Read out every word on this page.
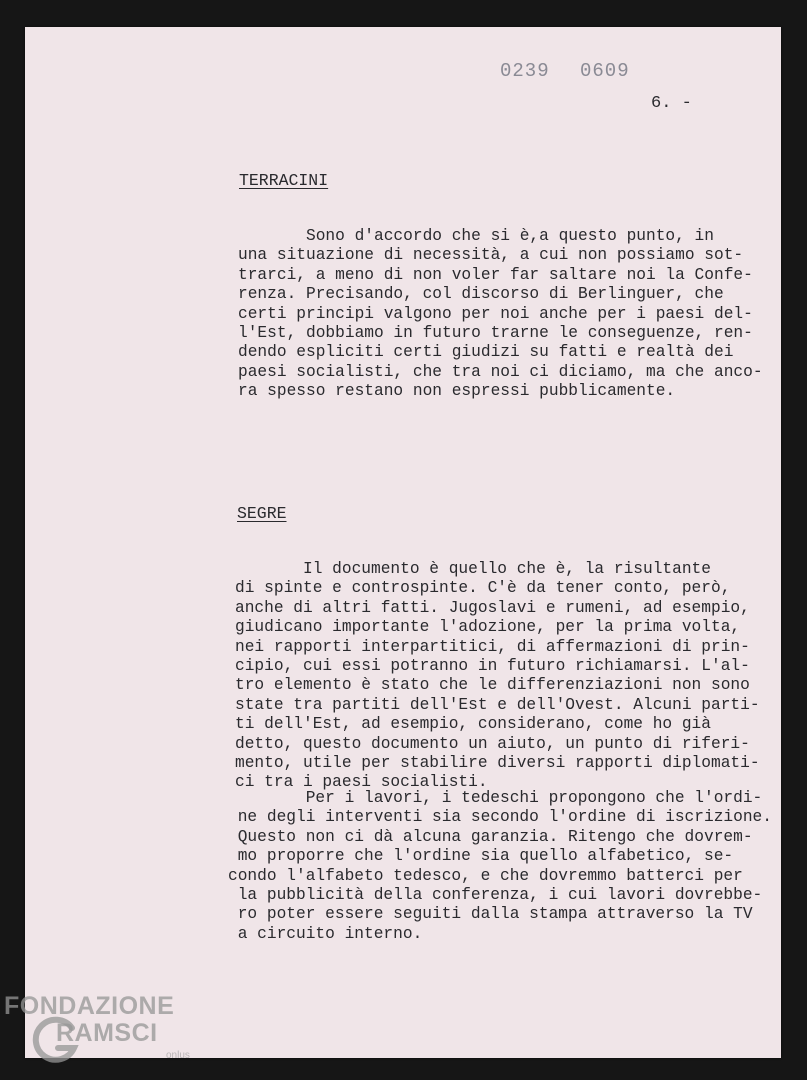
0239 0609
6. -
TERRACINI
Sono d'accordo che si è,a questo punto, in
una situazione di necessità, a cui non possiamo sot-
trarci, a meno di non voler far saltare noi la Confe-
renza. Precisando, col discorso di Berlinguer, che
certi principi valgono per noi anche per i paesi del-
l'Est, dobbiamo in futuro trarne le conseguenze, ren-
dendo espliciti certi giudizi su fatti e realtà dei
paesi socialisti, che tra noi ci diciamo, ma che anco-
ra spesso restano non espressi pubblicamente.
SEGRE
Il documento è quello che è, la risultante
di spinte e controspinte. C'è da tener conto, però,
anche di altri fatti. Jugoslavi e rumeni, ad esempio,
giudicano importante l'adozione, per la prima volta,
nei rapporti interpartitici, di affermazioni di prin-
cipio, cui essi potranno in futuro richiamarsi. L'al-
tro elemento è stato che le differenziazioni non sono
state tra partiti dell'Est e dell'Ovest. Alcuni parti-
ti dell'Est, ad esempio, considerano, come ho già
detto, questo documento un aiuto, un punto di riferi-
mento, utile per stabilire diversi rapporti diplomati-
ci tra i paesi socialisti.
Per i lavori, i tedeschi propongono che l'ordi-
ne degli interventi sia secondo l'ordine di iscrizione.
Questo non ci dà alcuna garanzia. Ritengo che dovrem-
mo proporre che l'ordine sia quello alfabetico, se-
condo l'alfabeto tedesco, e che dovremmo batterci per
la pubblicità della conferenza, i cui lavori dovrebbe-
ro poter essere seguiti dalla stampa attraverso la TV
a circuito interno.
FONDAZIONE
RAMSCI
onlus
